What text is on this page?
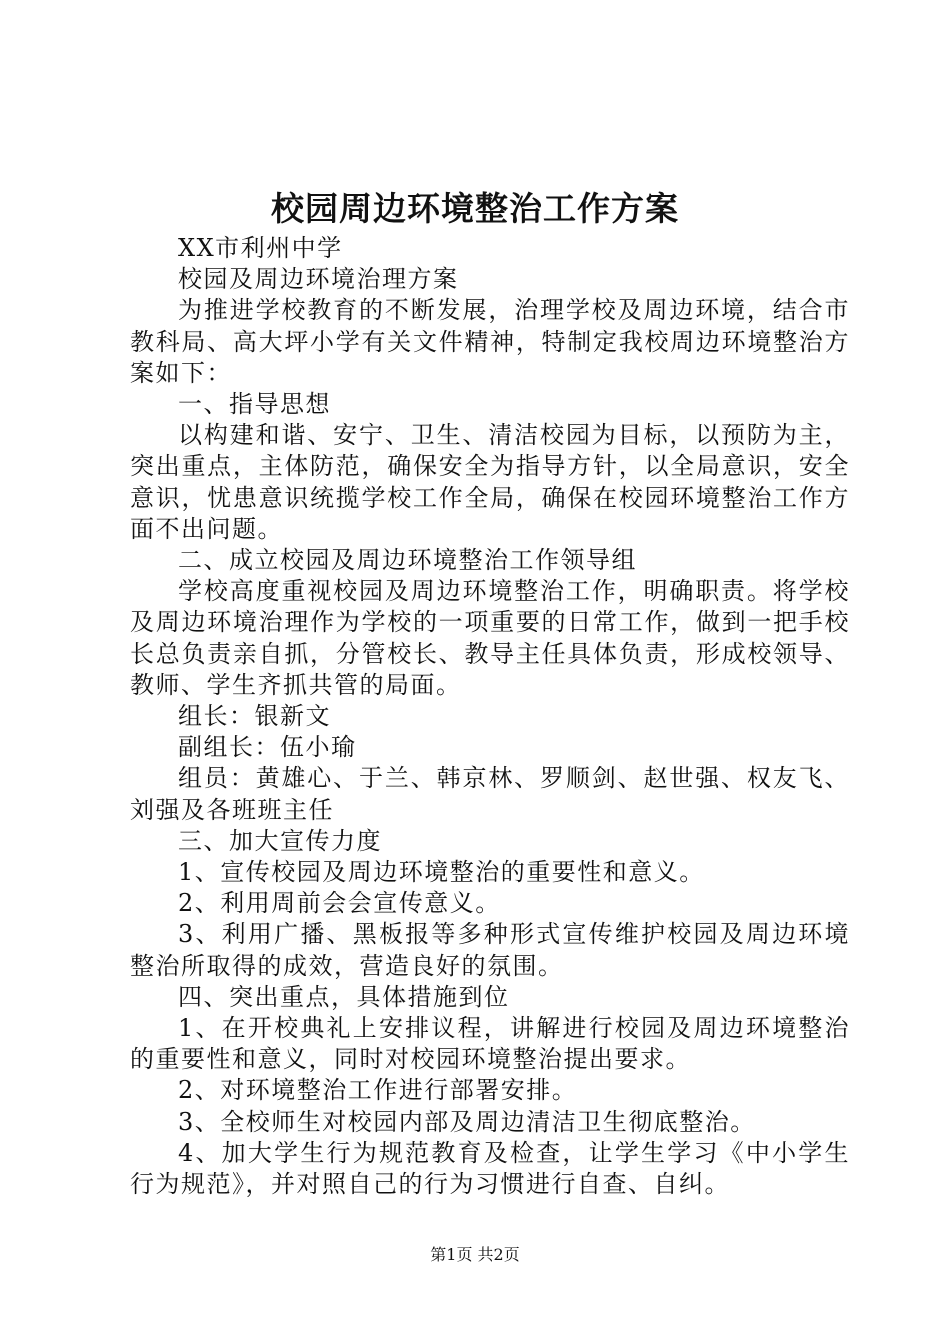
校园周边环境整治工作方案

XX市利州中学

校园及周边环境治理方案

为推进学校教育的不断发展，治理学校及周边环境，结合市教科局、高大坪小学有关文件精神，特制定我校周边环境整治方案如下：

一、指导思想

以构建和谐、安宁、卫生、清洁校园为目标，以预防为主，突出重点，主体防范，确保安全为指导方针，以全局意识，安全意识，忧患意识统揽学校工作全局，确保在校园环境整治工作方面不出问题。

二、成立校园及周边环境整治工作领导组

学校高度重视校园及周边环境整治工作，明确职责。将学校及周边环境治理作为学校的一项重要的日常工作，做到一把手校长总负责亲自抓，分管校长、教导主任具体负责，形成校领导、教师、学生齐抓共管的局面。

组长：银新文

副组长：伍小瑜

组员：黄雄心、于兰、韩京林、罗顺剑、赵世强、权友飞、刘强及各班班主任

三、加大宣传力度

1、宣传校园及周边环境整治的重要性和意义。

2、利用周前会会宣传意义。

3、利用广播、黑板报等多种形式宣传维护校园及周边环境整治所取得的成效，营造良好的氛围。

四、突出重点，具体措施到位

1、在开校典礼上安排议程，讲解进行校园及周边环境整治的重要性和意义，同时对校园环境整治提出要求。

2、对环境整治工作进行部署安排。

3、全校师生对校园内部及周边清洁卫生彻底整治。

4、加大学生行为规范教育及检查，让学生学习《中小学生行为规范》，并对照自己的行为习惯进行自查、自纠。

第1页 共2页
